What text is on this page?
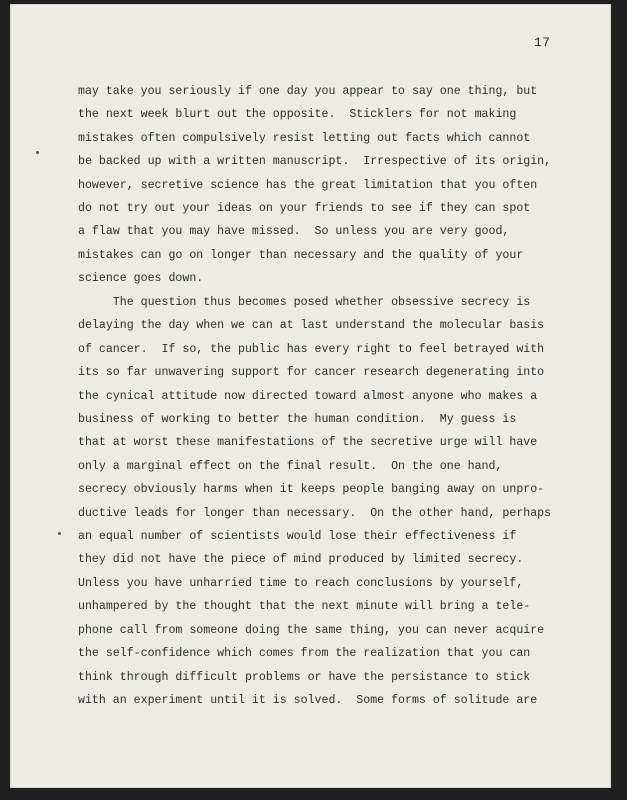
17
may take you seriously if one day you appear to say one thing, but
the next week blurt out the opposite.  Sticklers for not making
mistakes often compulsively resist letting out facts which cannot
be backed up with a written manuscript.  Irrespective of its origin,
however, secretive science has the great limitation that you often
do not try out your ideas on your friends to see if they can spot
a flaw that you may have missed.  So unless you are very good,
mistakes can go on longer than necessary and the quality of your
science goes down.
The question thus becomes posed whether obsessive secrecy is
delaying the day when we can at last understand the molecular basis
of cancer.  If so, the public has every right to feel betrayed with
its so far unwavering support for cancer research degenerating into
the cynical attitude now directed toward almost anyone who makes a
business of working to better the human condition.  My guess is
that at worst these manifestations of the secretive urge will have
only a marginal effect on the final result.  On the one hand,
secrecy obviously harms when it keeps people banging away on unpro-
ductive leads for longer than necessary.  On the other hand, perhaps
an equal number of scientists would lose their effectiveness if
they did not have the piece of mind produced by limited secrecy.
Unless you have unharried time to reach conclusions by yourself,
unhampered by the thought that the next minute will bring a tele-
phone call from someone doing the same thing, you can never acquire
the self-confidence which comes from the realization that you can
think through difficult problems or have the persistance to stick
with an experiment until it is solved.  Some forms of solitude are
